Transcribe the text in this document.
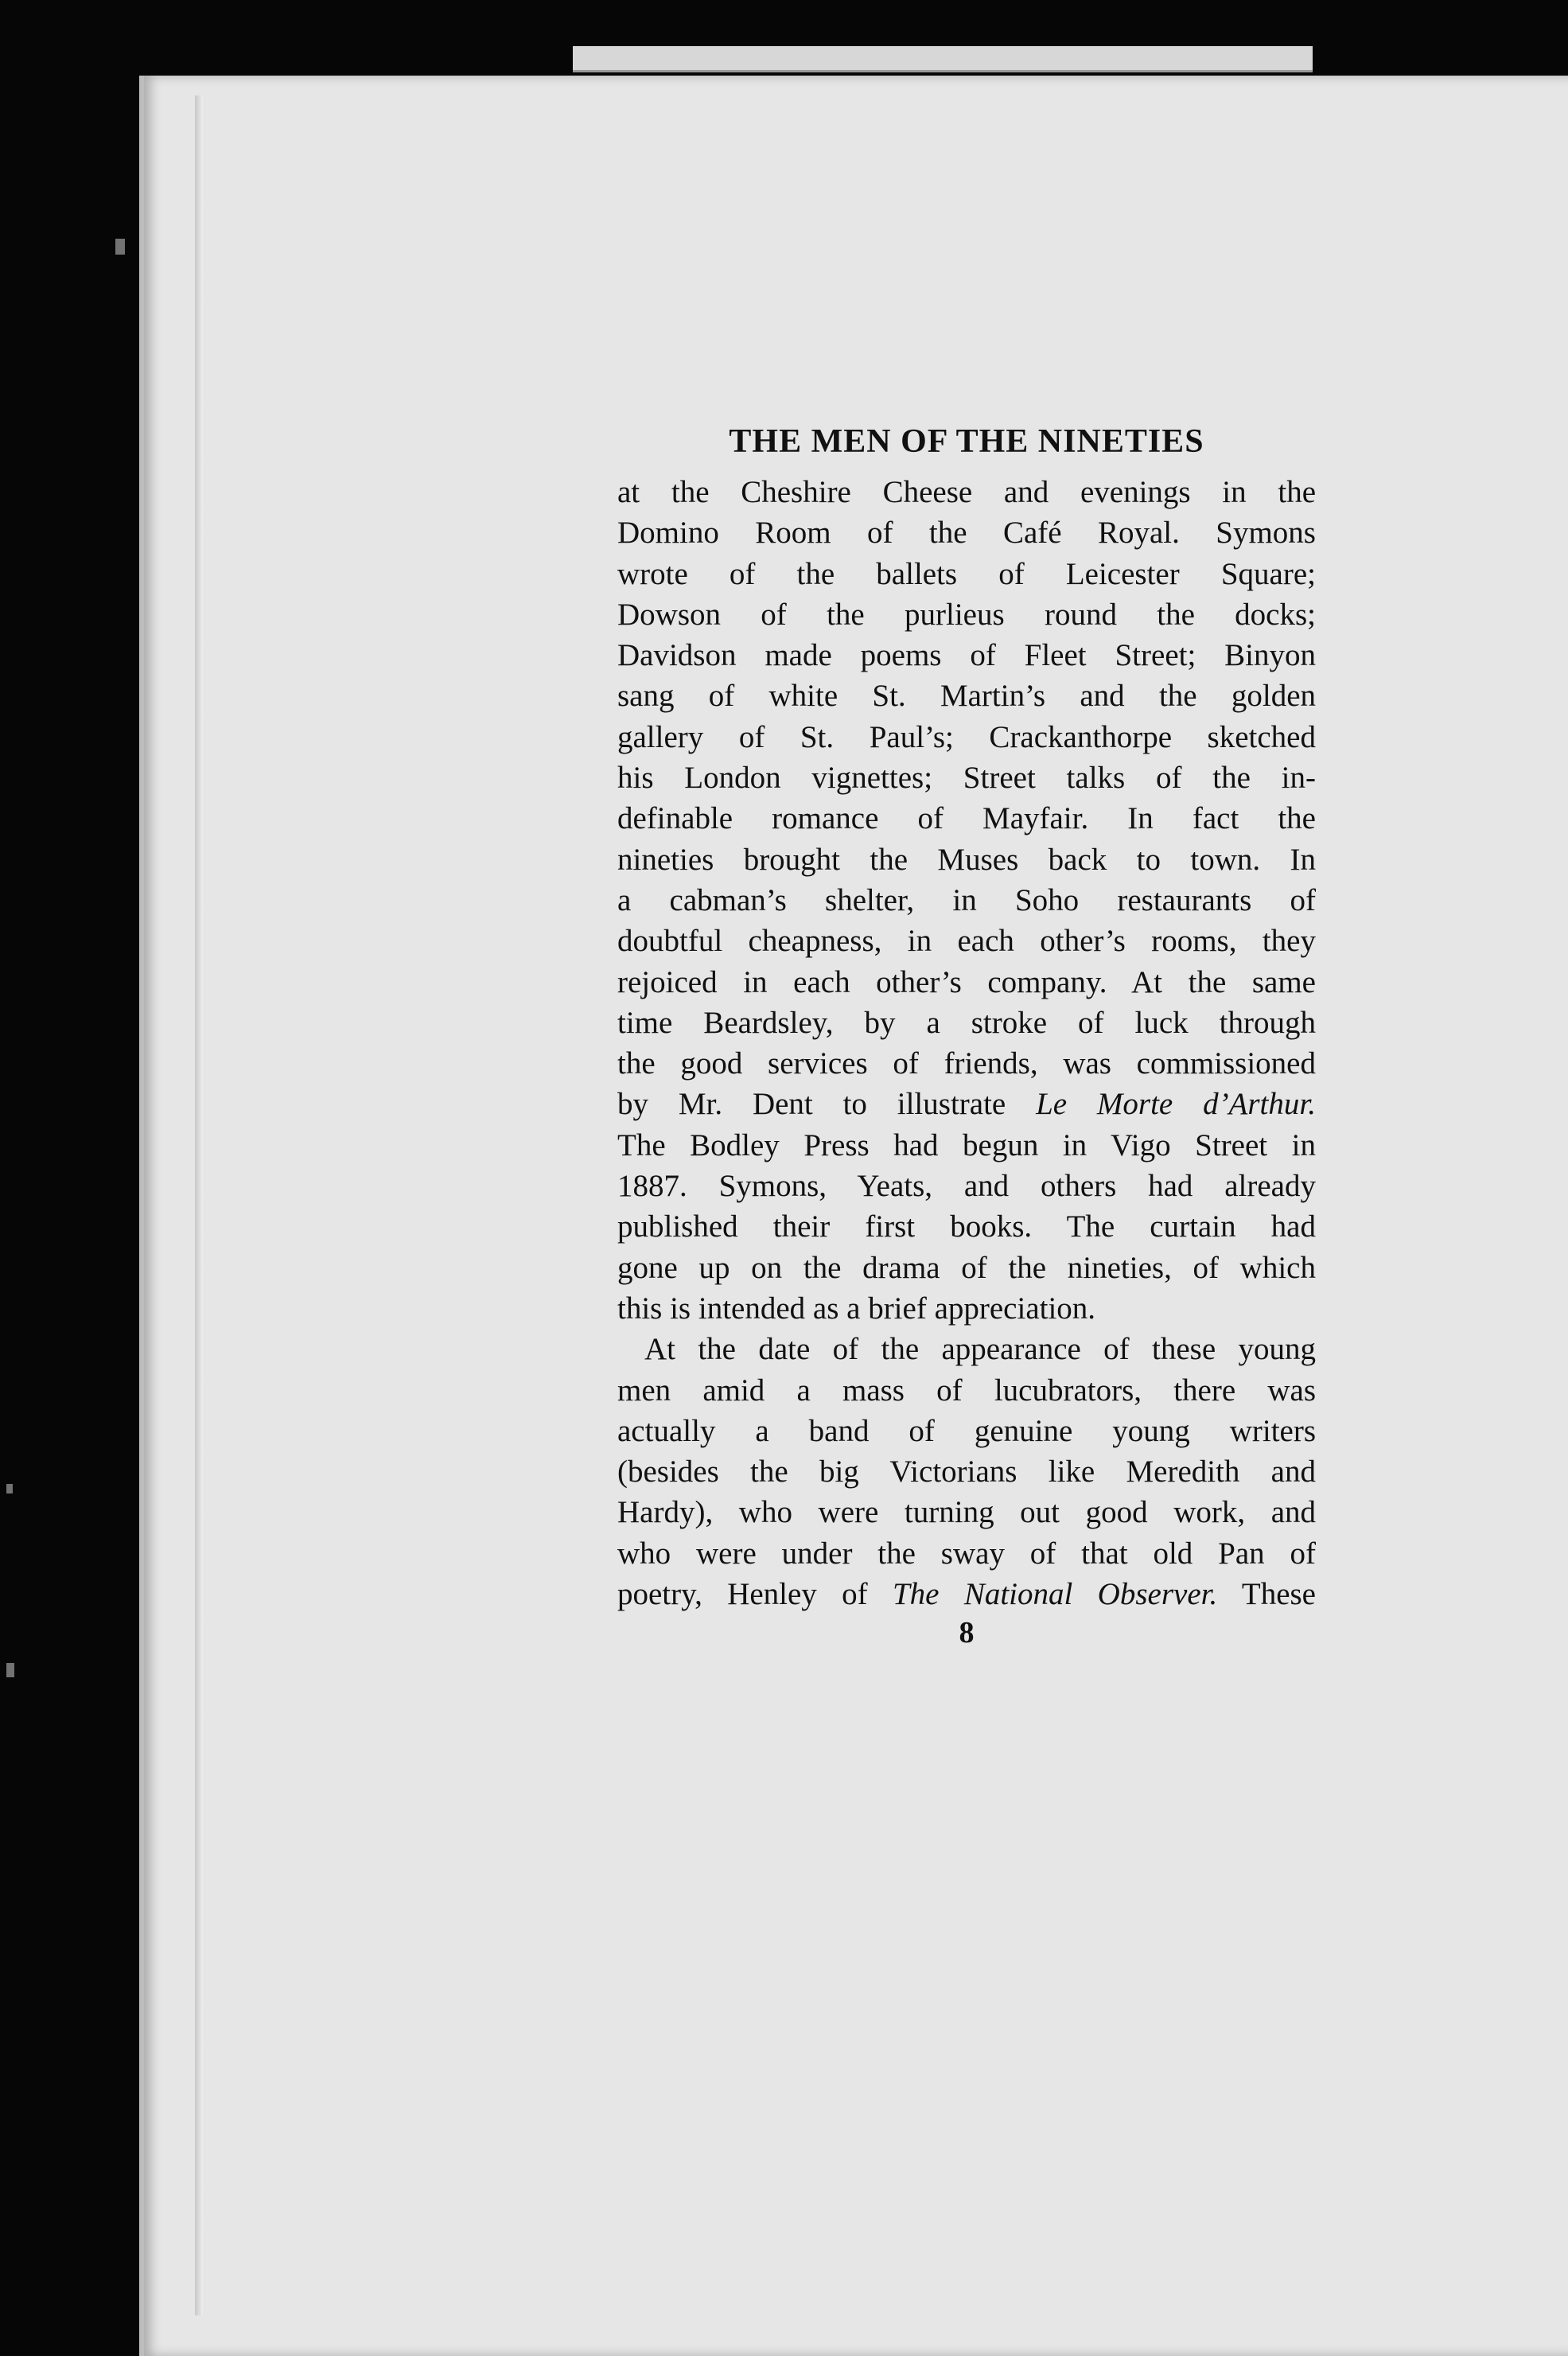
THE MEN OF THE NINETIES
at the Cheshire Cheese and evenings in the
Domino Room of the Café Royal. Symons
wrote of the ballets of Leicester Square;
Dowson of the purlieus round the docks;
Davidson made poems of Fleet Street; Binyon
sang of white St. Martin’s and the golden
gallery of St. Paul’s; Crackanthorpe sketched
his London vignettes; Street talks of the in-
definable romance of Mayfair. In fact the
nineties brought the Muses back to town. In
a cabman’s shelter, in Soho restaurants of
doubtful cheapness, in each other’s rooms, they
rejoiced in each other’s company. At the same
time Beardsley, by a stroke of luck through
the good services of friends, was commissioned
by Mr. Dent to illustrate Le Morte d’Arthur.
The Bodley Press had begun in Vigo Street in
1887. Symons, Yeats, and others had already
published their first books. The curtain had
gone up on the drama of the nineties, of which
this is intended as a brief appreciation.
At the date of the appearance of these young
men amid a mass of lucubrators, there was
actually a band of genuine young writers
(besides the big Victorians like Meredith and
Hardy), who were turning out good work, and
who were under the sway of that old Pan of
poetry, Henley of The National Observer. These
8
